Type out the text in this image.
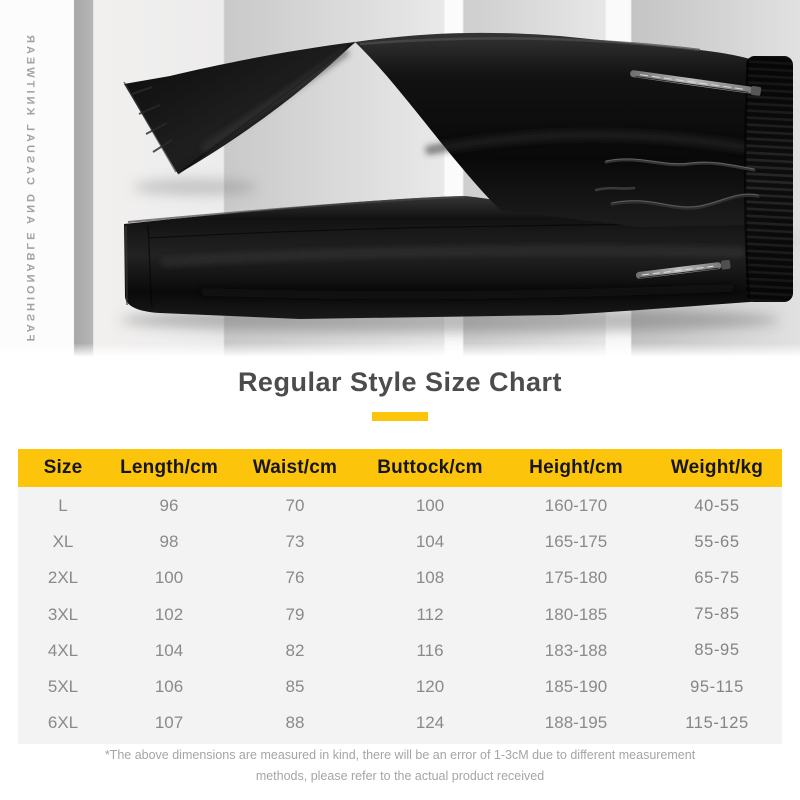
FASHIONABLE AND CASUAL KNITWEAR
Regular Style Size Chart
Size	Length/cm	Waist/cm	Buttock/cm	Height/cm	Weight/kg
L	96	70	100	160-170	40-55
XL	98	73	104	165-175	55-65
2XL	100	76	108	175-180	65-75
3XL	102	79	112	180-185	75-85
4XL	104	82	116	183-188	85-95
5XL	106	85	120	185-190	95-115
6XL	107	88	124	188-195	115-125

*The above dimensions are measured in kind, there will be an error of 1-3cM due to different measurement methods, please refer to the actual product received
